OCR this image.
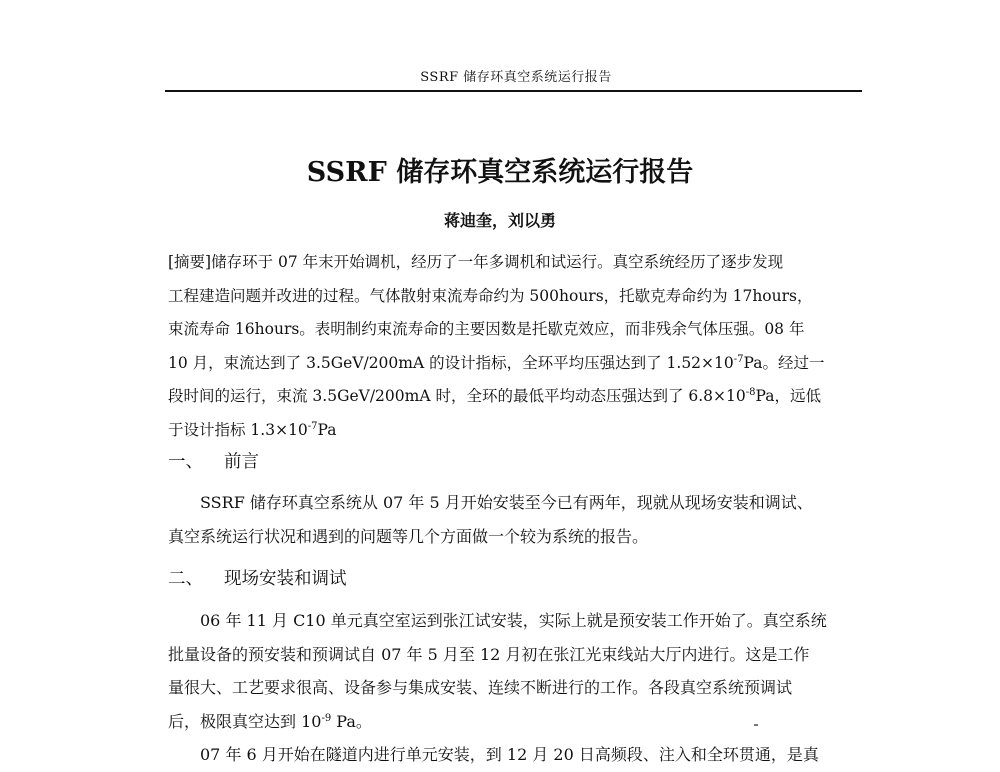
SSRF 储存环真空系统运行报告
SSRF 储存环真空系统运行报告
蒋迪奎，刘以勇
[摘要]储存环于 07 年末开始调机，经历了一年多调机和试运行。真空系统经历了逐步发现
工程建造问题并改进的过程。气体散射束流寿命约为 500hours，托歇克寿命约为 17hours，
束流寿命 16hours。表明制约束流寿命的主要因数是托歇克效应，而非残余气体压强。08 年
10 月，束流达到了 3.5GeV/200mA 的设计指标，全环平均压强达到了 $1.52\times 10^{-7}Pa$。经过一
段时间的运行，束流 3.5GeV/200mA 时，全环的最低平均动态压强达到了 $6.8\times 10^{-8}Pa$，远低
于设计指标 $1.3\times 10^{-7}Pa$
一、 前言
SSRF 储存环真空系统从 07 年 5 月开始安装至今已有两年，现就从现场安装和调试、
真空系统运行状况和遇到的问题等几个方面做一个较为系统的报告。
二、 现场安装和调试
06 年 11 月 C10 单元真空室运到张江试安装，实际上就是预安装工作开始了。真空系统
批量设备的预安装和预调试自 07 年 5 月至 12 月初在张江光束线站大厅内进行。这是工作
量很大、工艺要求很高、设备参与集成安装、连续不断进行的工作。各段真空系统预调试
后，极限真空达到 $10^{-9}$ Pa。
07 年 6 月开始在隧道内进行单元安装，到 12 月 20 日高频段、注入和全环贯通，是真
